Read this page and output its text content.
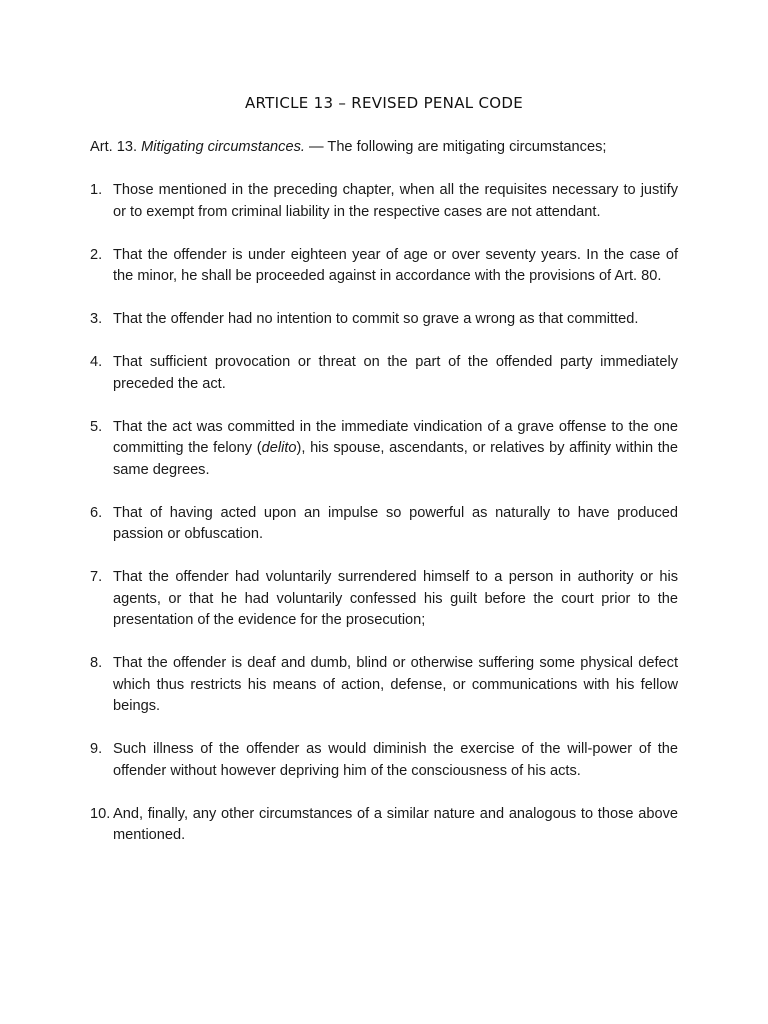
ARTICLE 13 – REVISED PENAL CODE
Art. 13. Mitigating circumstances. — The following are mitigating circumstances;
1. Those mentioned in the preceding chapter, when all the requisites necessary to justify or to exempt from criminal liability in the respective cases are not attendant.
2. That the offender is under eighteen year of age or over seventy years. In the case of the minor, he shall be proceeded against in accordance with the provisions of Art. 80.
3. That the offender had no intention to commit so grave a wrong as that committed.
4. That sufficient provocation or threat on the part of the offended party immediately preceded the act.
5. That the act was committed in the immediate vindication of a grave offense to the one committing the felony (delito), his spouse, ascendants, or relatives by affinity within the same degrees.
6. That of having acted upon an impulse so powerful as naturally to have produced passion or obfuscation.
7. That the offender had voluntarily surrendered himself to a person in authority or his agents, or that he had voluntarily confessed his guilt before the court prior to the presentation of the evidence for the prosecution;
8. That the offender is deaf and dumb, blind or otherwise suffering some physical defect which thus restricts his means of action, defense, or communications with his fellow beings.
9. Such illness of the offender as would diminish the exercise of the will-power of the offender without however depriving him of the consciousness of his acts.
10. And, finally, any other circumstances of a similar nature and analogous to those above mentioned.
